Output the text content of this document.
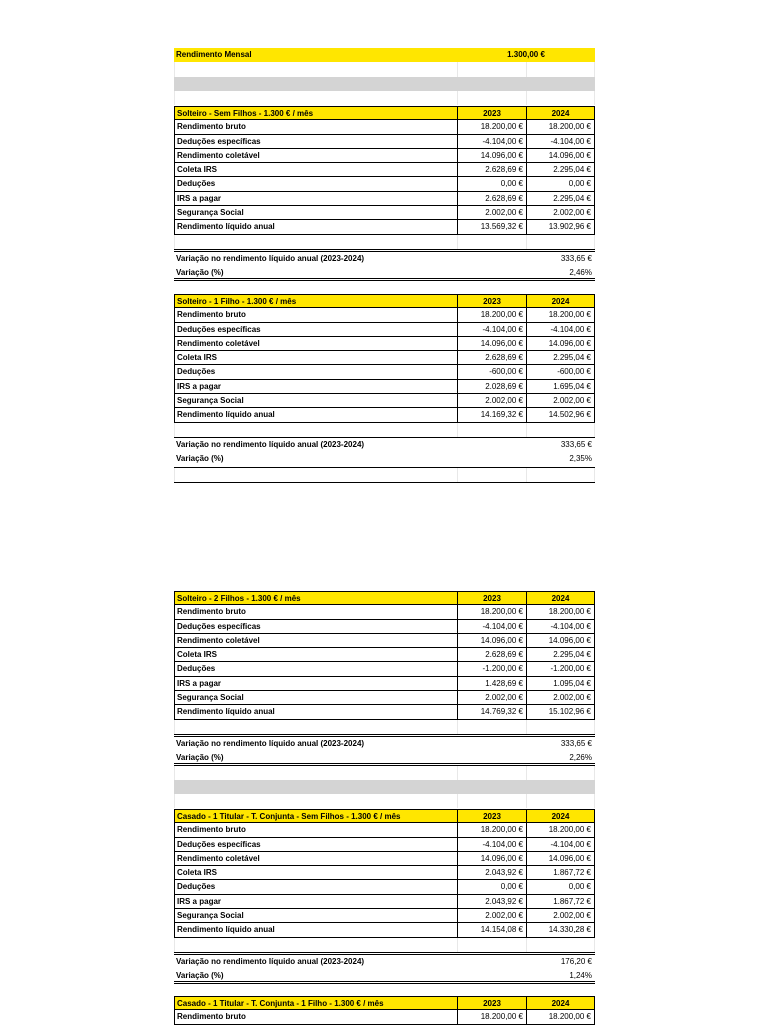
Rendimento Mensal	1.300,00 €
Solteiro - Sem Filhos - 1.300 € / mês	2023	2024
Rendimento bruto	18.200,00 €	18.200,00 €
Deduções específicas	-4.104,00 €	-4.104,00 €
Rendimento coletável	14.096,00 €	14.096,00 €
Coleta IRS	2.628,69 €	2.295,04 €
Deduções	0,00 €	0,00 €
IRS a pagar	2.628,69 €	2.295,04 €
Segurança Social	2.002,00 €	2.002,00 €
Rendimento líquido anual	13.569,32 €	13.902,96 €
Variação no rendimento líquido anual (2023-2024)	333,65 €
Variação (%)	2,46%
Solteiro - 1 Filho - 1.300 € / mês	2023	2024
Rendimento bruto	18.200,00 €	18.200,00 €
Deduções específicas	-4.104,00 €	-4.104,00 €
Rendimento coletável	14.096,00 €	14.096,00 €
Coleta IRS	2.628,69 €	2.295,04 €
Deduções	-600,00 €	-600,00 €
IRS a pagar	2.028,69 €	1.695,04 €
Segurança Social	2.002,00 €	2.002,00 €
Rendimento líquido anual	14.169,32 €	14.502,96 €
Variação no rendimento líquido anual (2023-2024)	333,65 €
Variação (%)	2,35%
Solteiro - 2 Filhos - 1.300 € / mês	2023	2024
Rendimento bruto	18.200,00 €	18.200,00 €
Deduções específicas	-4.104,00 €	-4.104,00 €
Rendimento coletável	14.096,00 €	14.096,00 €
Coleta IRS	2.628,69 €	2.295,04 €
Deduções	-1.200,00 €	-1.200,00 €
IRS a pagar	1.428,69 €	1.095,04 €
Segurança Social	2.002,00 €	2.002,00 €
Rendimento líquido anual	14.769,32 €	15.102,96 €
Variação no rendimento líquido anual (2023-2024)	333,65 €
Variação (%)	2,26%
Casado - 1 Titular - T. Conjunta - Sem Filhos - 1.300 € / mês	2023	2024
Rendimento bruto	18.200,00 €	18.200,00 €
Deduções específicas	-4.104,00 €	-4.104,00 €
Rendimento coletável	14.096,00 €	14.096,00 €
Coleta IRS	2.043,92 €	1.867,72 €
Deduções	0,00 €	0,00 €
IRS a pagar	2.043,92 €	1.867,72 €
Segurança Social	2.002,00 €	2.002,00 €
Rendimento líquido anual	14.154,08 €	14.330,28 €
Variação no rendimento líquido anual (2023-2024)	176,20 €
Variação (%)	1,24%
Casado - 1 Titular - T. Conjunta - 1 Filho - 1.300 € / mês	2023	2024
Rendimento bruto	18.200,00 €	18.200,00 €
